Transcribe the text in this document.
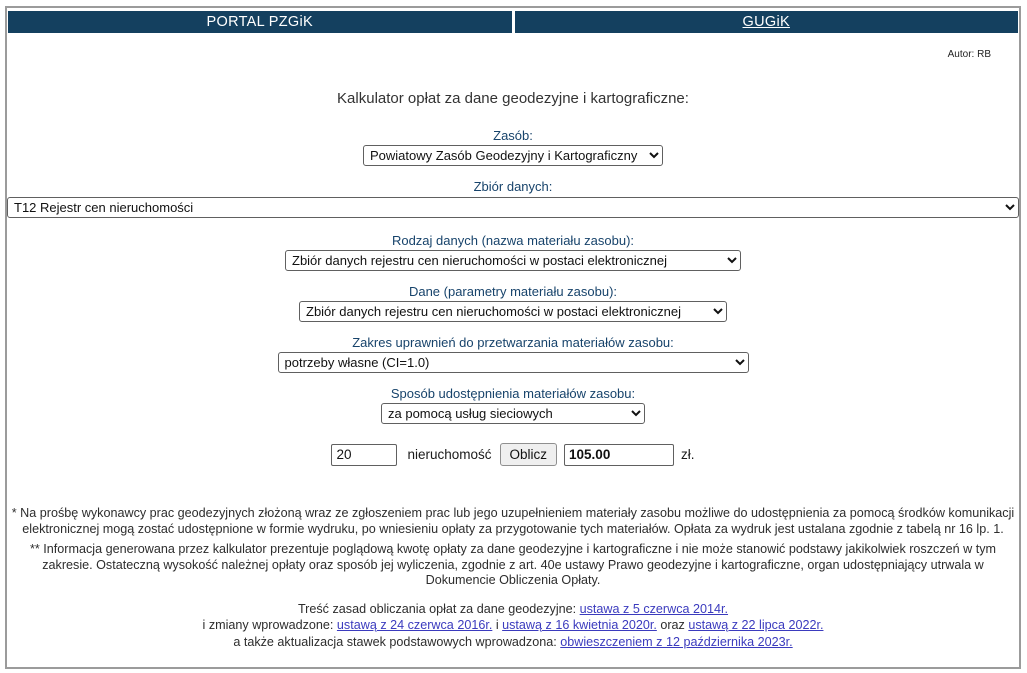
PORTAL PZGiK	GUGiK
Autor: RB
Kalkulator opłat za dane geodezyjne i kartograficzne:
Zasób:
Powiatowy Zasób Geodezyjny i Kartograficzny
Zbiór danych:
T12 Rejestr cen nieruchomości
Rodzaj danych (nazwa materiału zasobu):
Zbiór danych rejestru cen nieruchomości w postaci elektronicznej
Dane (parametry materiału zasobu):
Zbiór danych rejestru cen nieruchomości w postaci elektronicznej
Zakres uprawnień do przetwarzania materiałów zasobu:
potrzeby własne (CI=1.0)
Sposób udostępnienia materiałów zasobu:
za pomocą usług sieciowych
20
nieruchomość	Oblicz
105.00	zł.
* Na prośbę wykonawcy prac geodezyjnych złożoną wraz ze zgłoszeniem prac lub jego uzupełnieniem materiały zasobu możliwe do udostępnienia za pomocą środków komunikacji elektronicznej mogą zostać udostępnione w formie wydruku, po wniesieniu opłaty za przygotowanie tych materiałów. Opłata za wydruk jest ustalana zgodnie z tabelą nr 16 lp. 1.
** Informacja generowana przez kalkulator prezentuje poglądową kwotę opłaty za dane geodezyjne i kartograficzne i nie może stanowić podstawy jakikolwiek roszczeń w tym zakresie. Ostateczną wysokość należnej opłaty oraz sposób jej wyliczenia, zgodnie z art. 40e ustawy Prawo geodezyjne i kartograficzne, organ udostępniający utrwala w Dokumencie Obliczenia Opłaty.
Treść zasad obliczania opłat za dane geodezyjne: ustawa z 5 czerwca 2014r.
i zmiany wprowadzone: ustawą z 24 czerwca 2016r. i ustawą z 16 kwietnia 2020r. oraz ustawą z 22 lipca 2022r.
a także aktualizacja stawek podstawowych wprowadzona: obwieszczeniem z 12 października 2023r.
